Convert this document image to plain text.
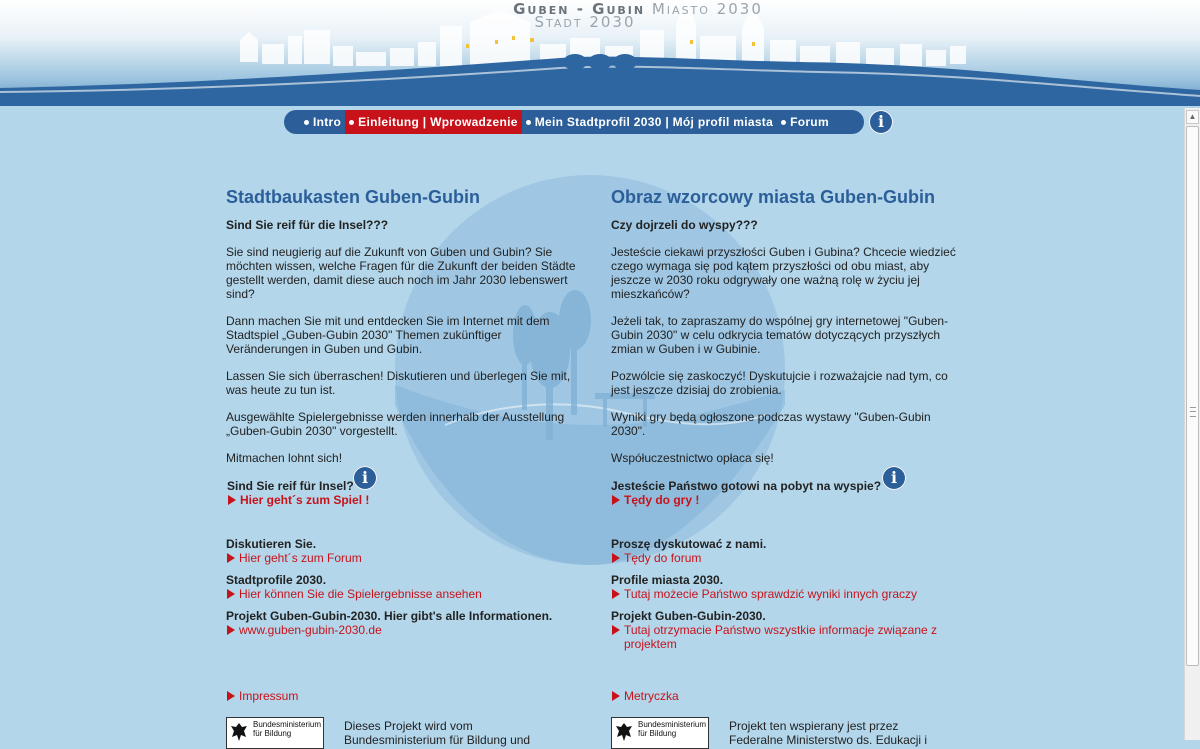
Guben - Gubin Miasto 2030
Stadt 2030
Intro Einleitung | Wprowadzenie Mein Stadtprofil 2030 | Mój profil miasta Forum	i
Stadtbaukasten Guben-Gubin

Sind Sie reif für die Insel???

Sie sind neugierig auf die Zukunft von Guben und Gubin? Sie möchten wissen, welche Fragen für die Zukunft der beiden Städte gestellt werden, damit diese auch noch im Jahr 2030 lebenswert sind?

Dann machen Sie mit und entdecken Sie im Internet mit dem Stadtspiel „Guben-Gubin 2030" Themen zukünftiger Veränderungen in Guben und Gubin.

Lassen Sie sich überraschen! Diskutieren und überlegen Sie mit, was heute zu tun ist.

Ausgewählte Spielergebnisse werden innerhalb der Ausstellung „Guben-Gubin 2030" vorgestellt.

Mitmachen lohnt sich!

Sind Sie reif für Insel?
Hier geht´s zum Spiel !
i
Diskutieren Sie.
Hier geht´s zum Forum
Stadtprofile 2030.
Hier können Sie die Spielergebnisse ansehen
Projekt Guben-Gubin-2030. Hier gibt's alle Informationen.
www.guben-gubin-2030.de
Impressum
Bundesministerium für Bildung
Dieses Projekt wird vom Bundesministerium für Bildung und
Obraz wzorcowy miasta Guben-Gubin

Czy dojrzeli do wyspy???

Jesteście ciekawi przyszłości Guben i Gubina? Chcecie wiedzieć czego wymaga się pod kątem przyszłości od obu miast, aby jeszcze w 2030 roku odgrywały one ważną rolę w życiu jej mieszkańców?

Jeżeli tak, to zapraszamy do wspólnej gry internetowej "Guben-Gubin 2030" w celu odkrycia tematów dotyczących przyszłych zmian w Guben i w Gubinie.

Pozwólcie się zaskoczyć! Dyskutujcie i rozważajcie nad tym, co jest jeszcze dzisiaj do zrobienia.

Wyniki gry będą ogłoszone podczas wystawy "Guben-Gubin 2030".

Współuczestnictwo opłaca się!

Jesteście Państwo gotowi na pobyt na wyspie?
Tędy do gry !
i
Proszę dyskutować z nami.
Tędy do forum
Profile miasta 2030.
Tutaj możecie Państwo sprawdzić wyniki innych graczy
Projekt Guben-Gubin-2030.
Tutaj otrzymacie Państwo wszystkie informacje związane z projektem
Metryczka
Bundesministerium für Bildung
Projekt ten wspierany jest przez Federalne Ministerstwo ds. Edukacji i
▲
